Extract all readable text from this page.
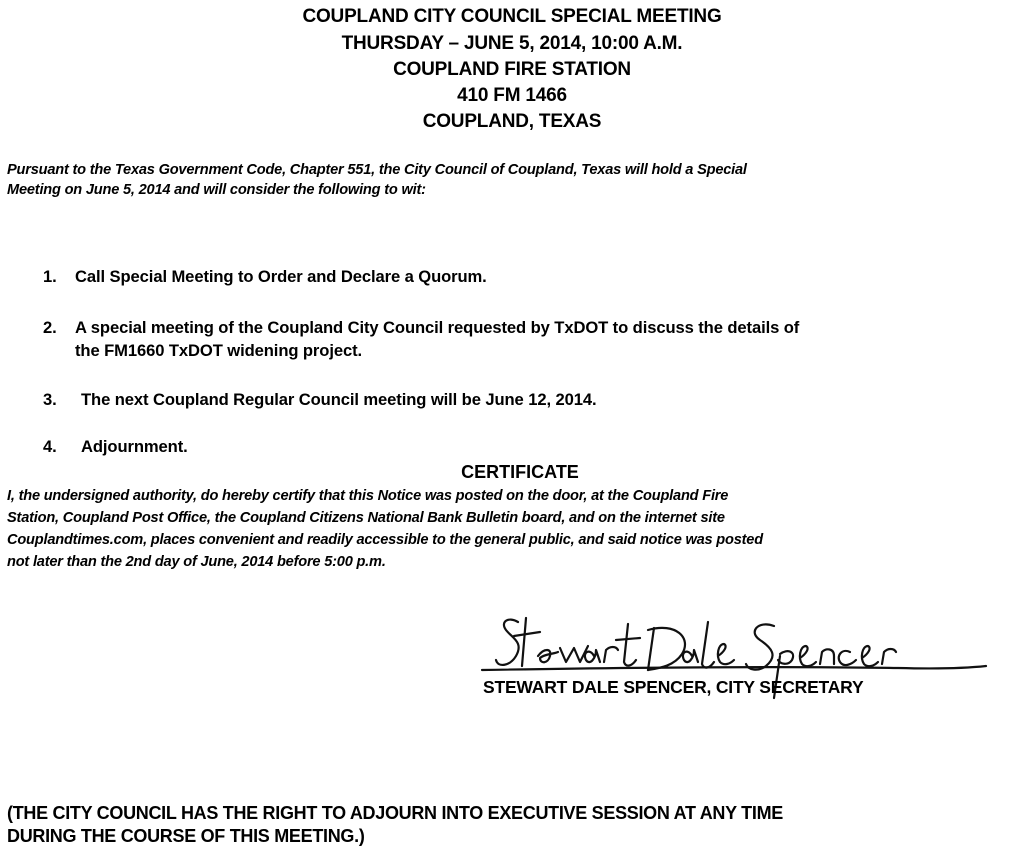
COUPLAND CITY COUNCIL SPECIAL MEETING
THURSDAY – JUNE 5, 2014, 10:00 A.M.
COUPLAND FIRE STATION
410 FM 1466
COUPLAND, TEXAS
Pursuant to the Texas Government Code, Chapter 551, the City Council of Coupland, Texas will hold a Special
Meeting on June 5, 2014 and will consider the following to wit:
1. Call Special Meeting to Order and Declare a Quorum.
2. A special meeting of the Coupland City Council requested by TxDOT to discuss the details of
the FM1660 TxDOT widening project.
3. The next Coupland Regular Council meeting will be June 12, 2014.
4. Adjournment.
CERTIFICATE
I, the undersigned authority, do hereby certify that this Notice was posted on the door, at the Coupland Fire
Station, Coupland Post Office, the Coupland Citizens National Bank Bulletin board, and on the internet site
Couplandtimes.com, places convenient and readily accessible to the general public, and said notice was posted
not later than the 2nd day of June, 2014 before 5:00 p.m.
STEWART DALE SPENCER, CITY SECRETARY
(THE CITY COUNCIL HAS THE RIGHT TO ADJOURN INTO EXECUTIVE SESSION AT ANY TIME
DURING THE COURSE OF THIS MEETING.)
